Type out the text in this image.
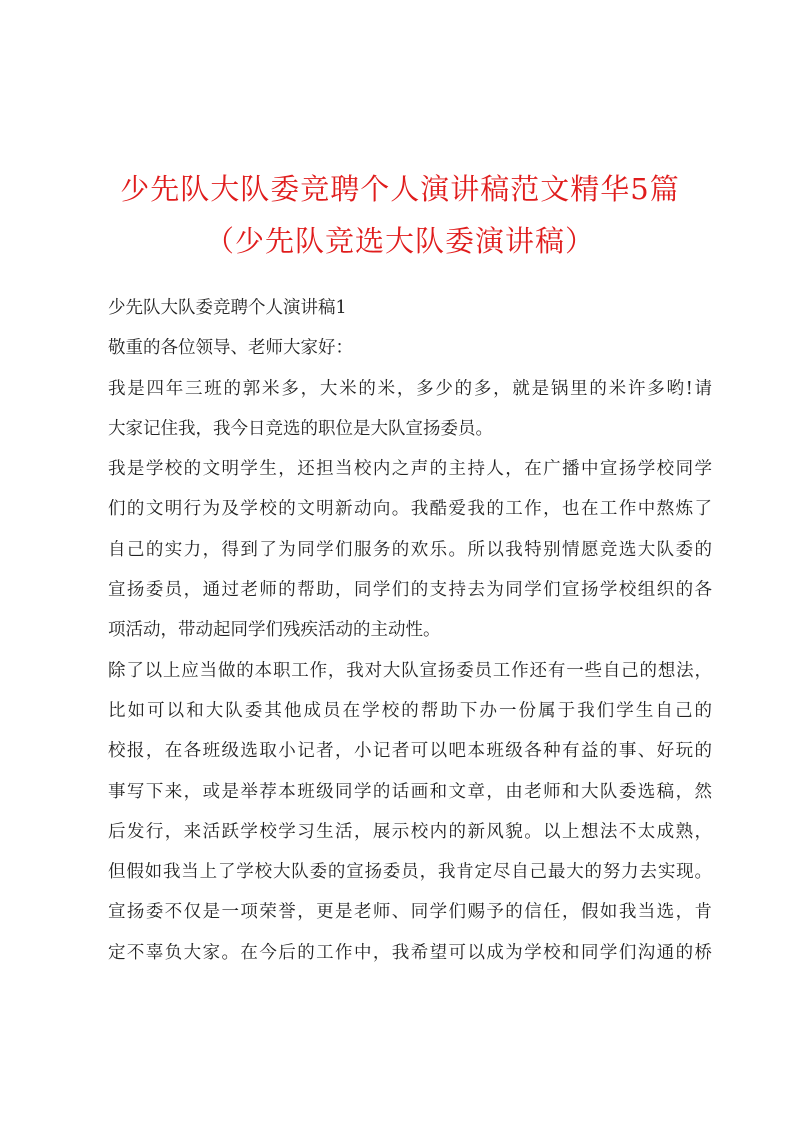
少先队大队委竞聘个人演讲稿范文精华5篇
（少先队竞选大队委演讲稿）
少先队大队委竞聘个人演讲稿1
敬重的各位领导、老师大家好：
我是四年三班的郭米多，大米的米，多少的多，就是锅里的米许多哟!请
大家记住我，我今日竞选的职位是大队宣扬委员。
我是学校的文明学生，还担当校内之声的主持人，在广播中宣扬学校同学
们的文明行为及学校的文明新动向。我酷爱我的工作，也在工作中熬炼了
自己的实力，得到了为同学们服务的欢乐。所以我特别情愿竞选大队委的
宣扬委员，通过老师的帮助，同学们的支持去为同学们宣扬学校组织的各
项活动，带动起同学们残疾活动的主动性。
除了以上应当做的本职工作，我对大队宣扬委员工作还有一些自己的想法，
比如可以和大队委其他成员在学校的帮助下办一份属于我们学生自己的
校报，在各班级选取小记者，小记者可以吧本班级各种有益的事、好玩的
事写下来，或是举荐本班级同学的话画和文章，由老师和大队委选稿，然
后发行，来活跃学校学习生活，展示校内的新风貌。以上想法不太成熟，
但假如我当上了学校大队委的宣扬委员，我肯定尽自己最大的努力去实现。
宣扬委不仅是一项荣誉，更是老师、同学们赐予的信任，假如我当选，肯
定不辜负大家。在今后的工作中，我希望可以成为学校和同学们沟通的桥
